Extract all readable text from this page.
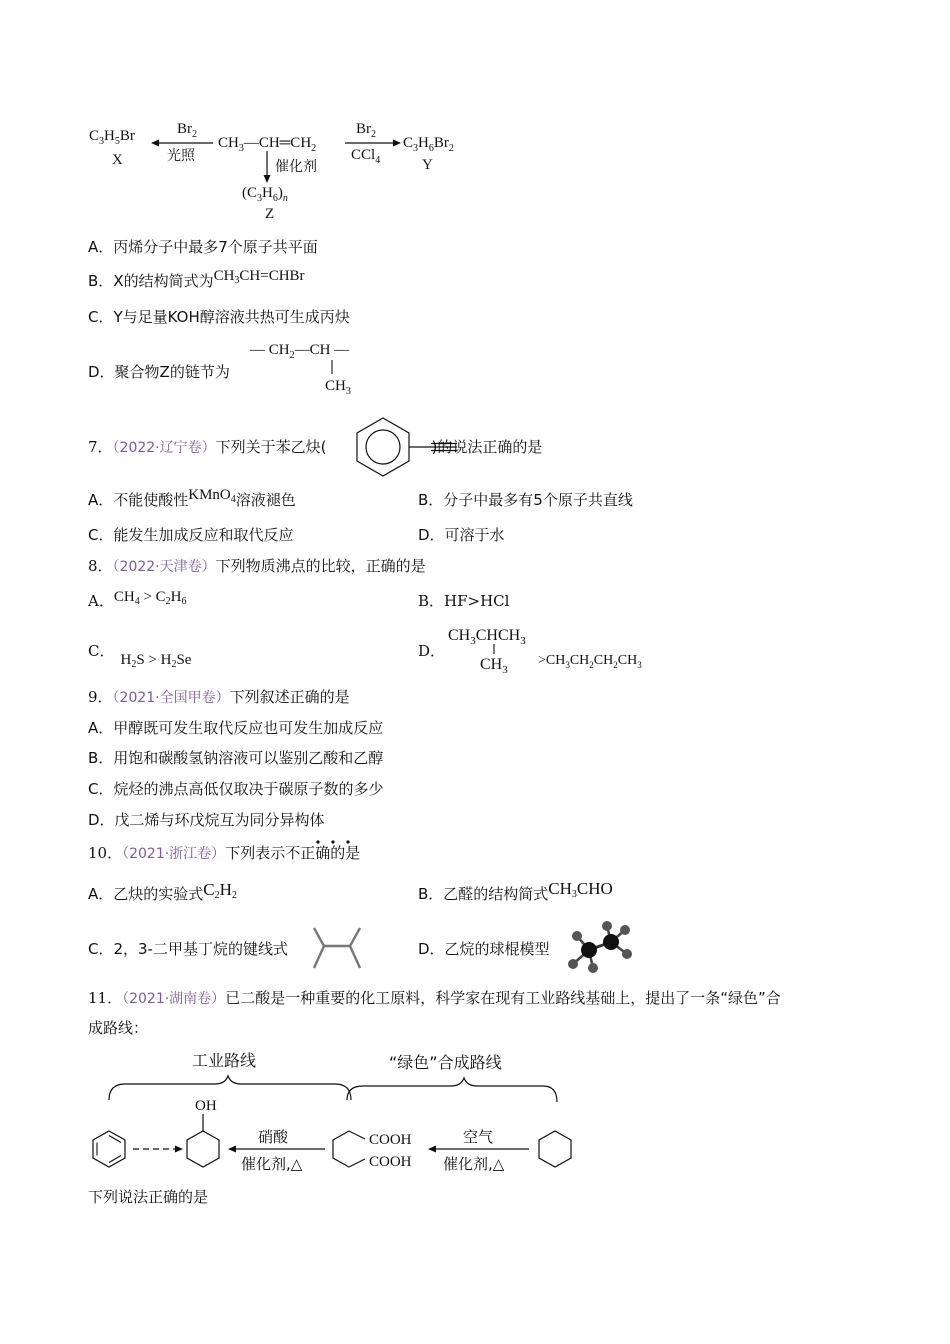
$C_3H_5Br$
X
$Br_2$
光照
$CH_3—CH═CH_2$
$Br_2$
CCl$_4$
$C_3H_6Br_2$
Y
催化剂
$(C_3H_6)_n$
Z
A．丙烯分子中最多7个原子共平面
B．X的结构简式为$CH_3CH=CHBr$
C．Y与足量KOH醇溶液共热可生成丙炔
D．聚合物Z的链节为
— $CH_2—CH$ —
$CH_3$
7．（2022·辽宁卷）下列关于苯乙炔(	)的说法正确的是
A．不能使酸性KMnO$_4$溶液褪色	B．分子中最多有5个原子共直线
C．能发生加成反应和取代反应	D．可溶于水
8．（2022·天津卷）下列物质沸点的比较，正确的是
A．$CH_4 > C_2H_6$	B．HF>HCl
C． $H_2S > H_2Se$	D．
$CH_3CHCH_3$
$CH_3$
$>CH_3CH_2CH_2CH_3$
9．（2021·全国甲卷）下列叙述正确的是
A．甲醇既可发生取代反应也可发生加成反应
B．用饱和碳酸氢钠溶液可以鉴别乙酸和乙醇
C．烷烃的沸点高低仅取决于碳原子数的多少
D．戊二烯与环戊烷互为同分异构体
10．（2021·浙江卷）下列表示不正确的是
A．乙炔的实验式$C_2H_2$	B．乙醛的结构简式$CH_3CHO$
C．2，3-二甲基丁烷的键线式	D．乙烷的球棍模型
11．（2021·湖南卷）已二酸是一种重要的化工原料，科学家在现有工业路线基础上，提出了一条“绿色”合
成路线：
工业路线	“绿色”合成路线
OH
硝酸
催化剂,△
COOH
COOH
空气
催化剂,△
下列说法正确的是
